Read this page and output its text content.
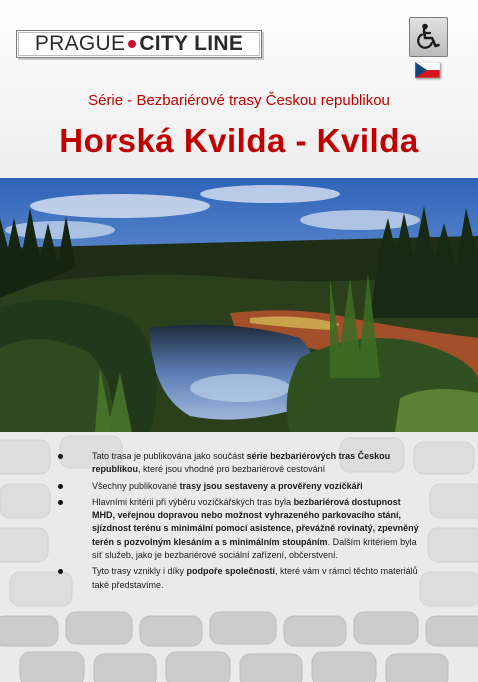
PRAGUE CITY LINE
Série - Bezbariérové trasy Českou republikou
Horská Kvilda - Kvilda
Tato trasa je publikována jako součást série bezbariérových tras Českou republikou, které jsou vhodné pro bezbariérové cestování
Všechny publikované trasy jsou sestaveny a prověřeny vozíčkáři
Hlavními kritérii při výběru vozíčkářských tras byla bezbariérová dostupnost MHD, veřejnou dopravou nebo možnost vyhrazeného parkovacího stání, sjízdnost terénu s minimální pomocí asistence, převážně rovinatý, zpevněný terén s pozvolným klesáním a s minimálním stoupáním. Dalším kritériem byla síť služeb, jako je bezbariérové sociální zařízení, občerstvení.
Tyto trasy vznikly i díky podpoře společnosti, které vám v rámci těchto materiálů také představíme.
